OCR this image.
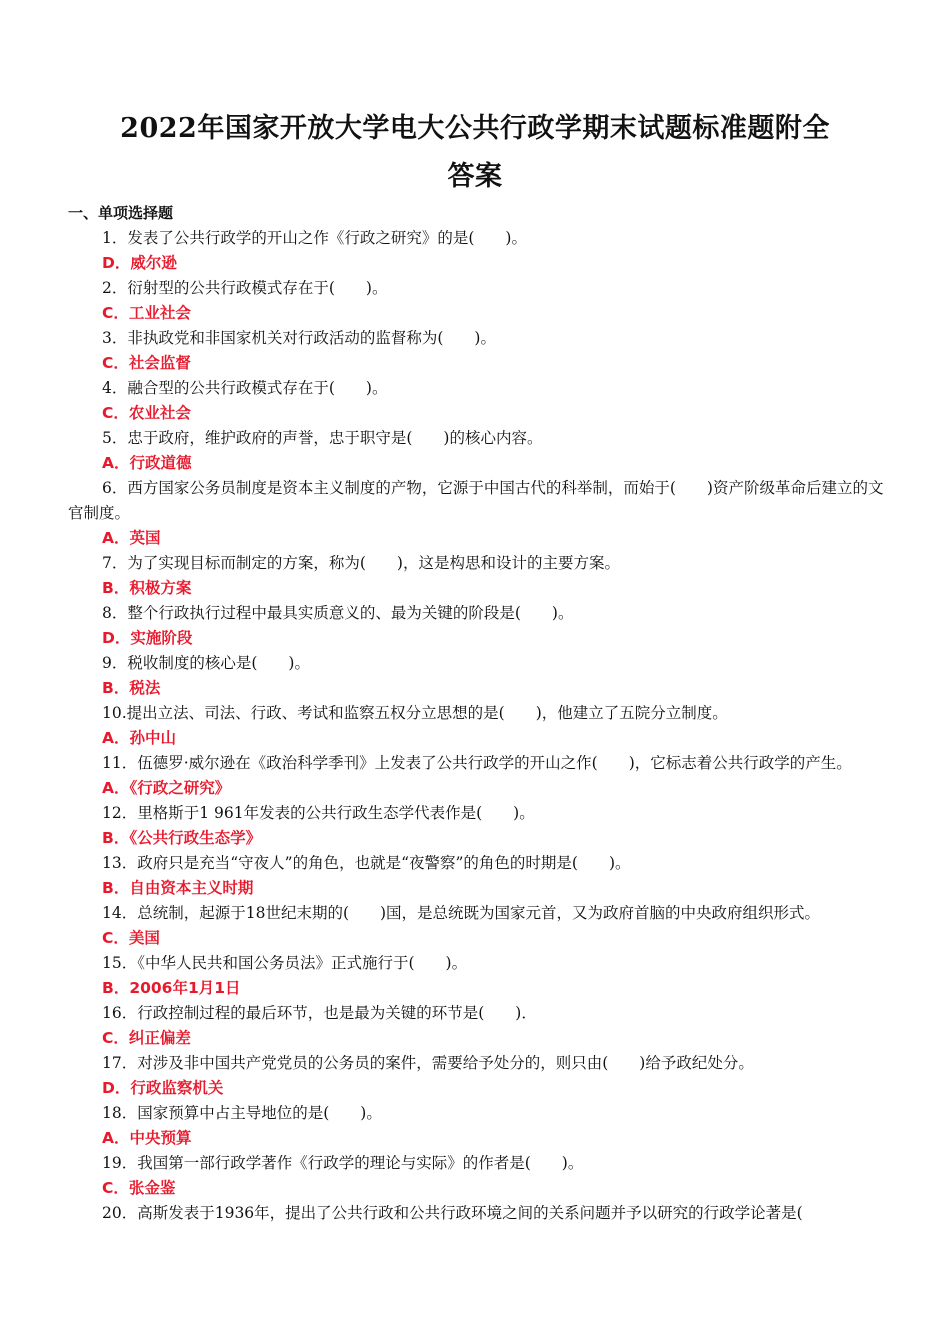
2022年国家开放大学电大公共行政学期末试题标准题附全
答案
一、单项选择题

1．发表了公共行政学的开山之作《行政之研究》的是(　　)。

D．威尔逊

2．衍射型的公共行政模式存在于(　　)。

C．工业社会

3．非执政党和非国家机关对行政活动的监督称为(　　)。

C．社会监督

4．融合型的公共行政模式存在于(　　)。

C．农业社会

5．忠于政府，维护政府的声誉，忠于职守是(　　)的核心内容。

A．行政道德

6．西方国家公务员制度是资本主义制度的产物，它源于中国古代的科举制，而始于(　　)资产阶级革命后建立的文官制度。

A．英国

7．为了实现目标而制定的方案，称为(　　)，这是构思和设计的主要方案。

B．积极方案

8．整个行政执行过程中最具实质意义的、最为关键的阶段是(　　)。

D．实施阶段

9．税收制度的核心是(　　)。

B．税法

10.提出立法、司法、行政、考试和监察五权分立思想的是(　　)，他建立了五院分立制度。

A．孙中山

11．伍德罗·威尔逊在《政治科学季刊》上发表了公共行政学的开山之作(　　)，它标志着公共行政学的产生。

A．《行政之研究》

12．里格斯于1 961年发表的公共行政生态学代表作是(　　)。

B．《公共行政生态学》

13．政府只是充当“守夜人”的角色，也就是“夜警察”的角色的时期是(　　)。

B．自由资本主义时期

14．总统制，起源于18世纪末期的(　　)国，是总统既为国家元首，又为政府首脑的中央政府组织形式。

C．美国

15．《中华人民共和国公务员法》正式施行于(　　)。

B．2006年1月1日

16．行政控制过程的最后环节，也是最为关键的环节是(　　)．

C．纠正偏差

17．对涉及非中国共产党党员的公务员的案件，需要给予处分的，则只由(　　)给予政纪处分。

D．行政监察机关

18．国家预算中占主导地位的是(　　)。

A．中央预算

19．我国第一部行政学著作《行政学的理论与实际》的作者是(　　)。

C．张金鉴

20．高斯发表于1936年，提出了公共行政和公共行政环境之间的关系问题并予以研究的行政学论著是(
